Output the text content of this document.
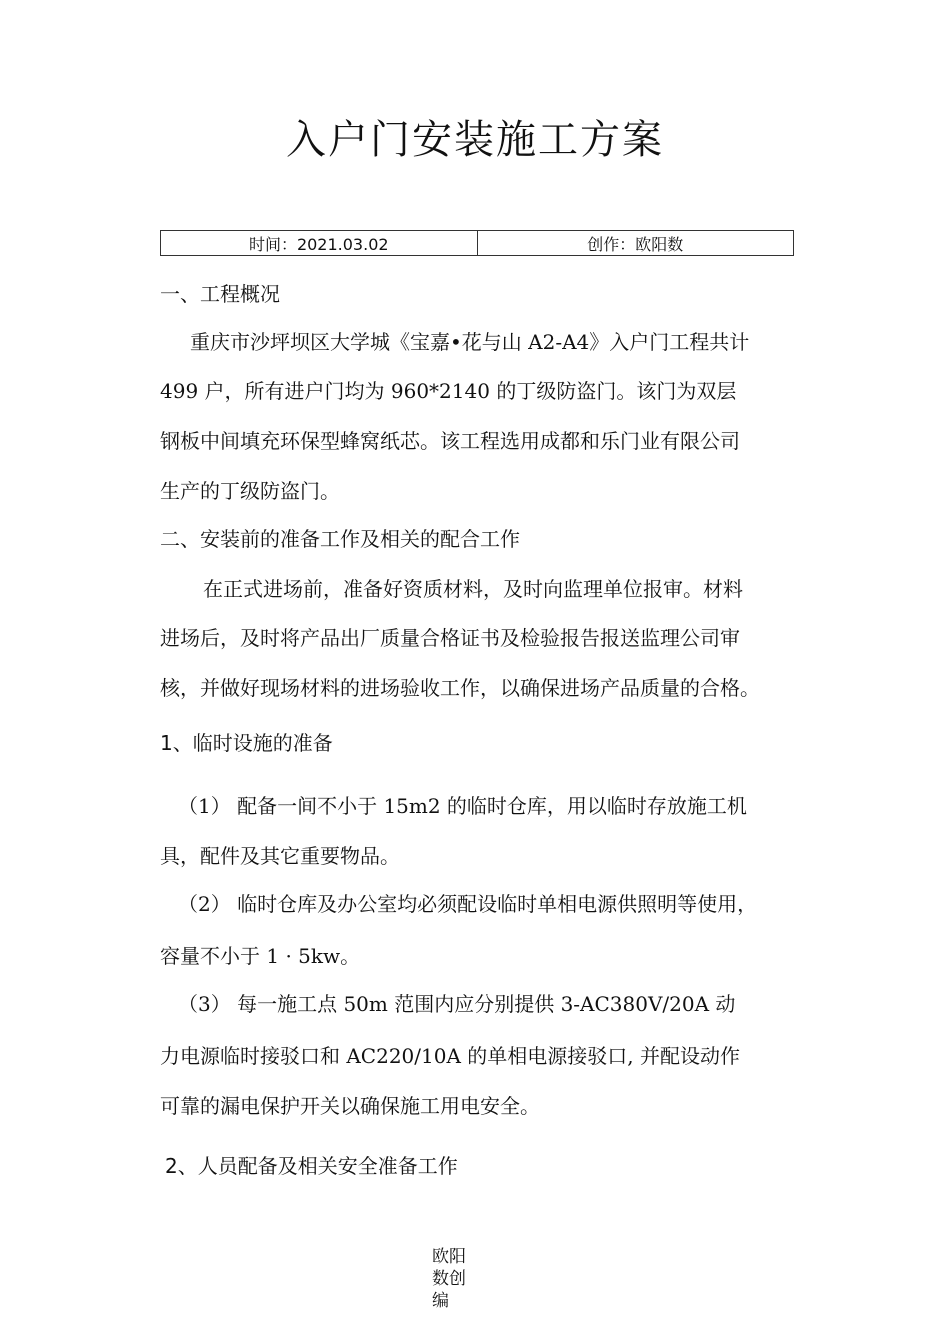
入户门安装施工方案
时间：2021.03.02	创作：欧阳数
一、工程概况
重庆市沙坪坝区大学城《宝嘉•花与山 A2-A4》入户门工程共计
499 户，所有进户门均为 960*2140 的丁级防盗门。该门为双层
钢板中间填充环保型蜂窝纸芯。该工程选用成都和乐门业有限公司
生产的丁级防盗门。
二、安装前的准备工作及相关的配合工作
在正式进场前，准备好资质材料，及时向监理单位报审。材料
进场后，及时将产品出厂质量合格证书及检验报告报送监理公司审
核，并做好现场材料的进场验收工作，以确保进场产品质量的合格。
1、临时设施的准备
（1） 配备一间不小于 15m2 的临时仓库，用以临时存放施工机
具，配件及其它重要物品。
（2） 临时仓库及办公室均必须配设临时单相电源供照明等使用，
容量不小于 1 · 5kw。
（3） 每一施工点 50m 范围内应分别提供 3-AC380V/20A 动
力电源临时接驳口和 AC220/10A 的单相电源接驳口, 并配设动作
可靠的漏电保护开关以确保施工用电安全。
2、人员配备及相关安全准备工作
欧阳数创编
